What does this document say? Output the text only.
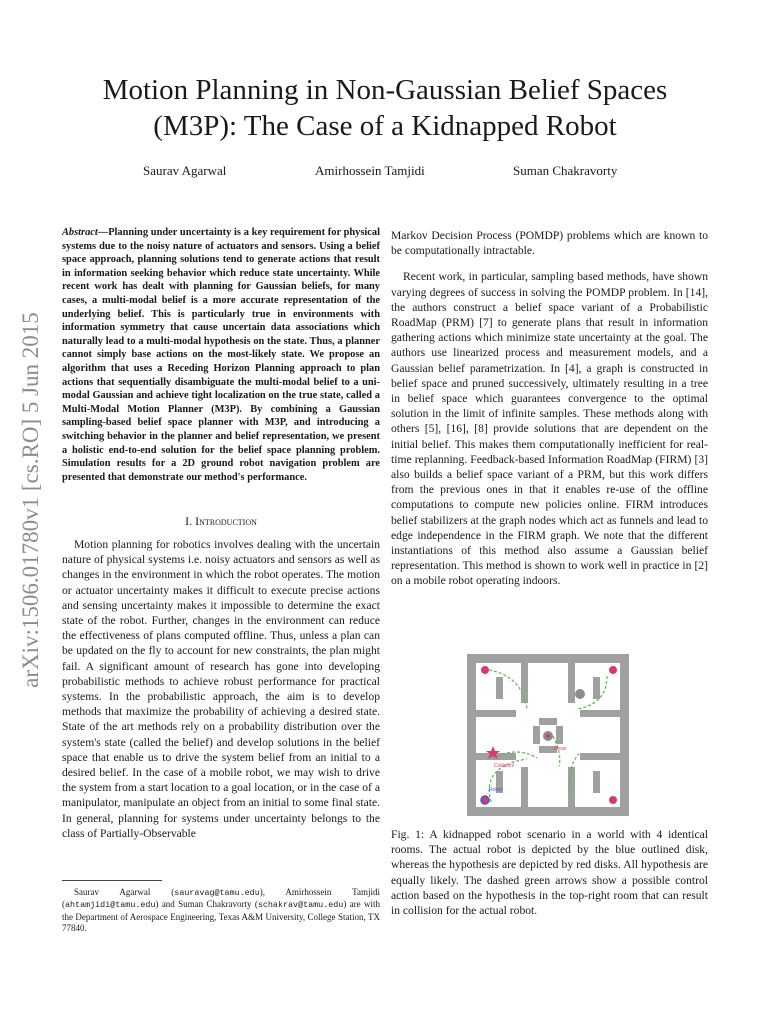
Motion Planning in Non-Gaussian Belief Spaces (M3P): The Case of a Kidnapped Robot
Saurav Agarwal	Amirhossein Tamjidi	Suman Chakravorty
arXiv:1506.01780v1 [cs.RO] 5 Jun 2015
Abstract—Planning under uncertainty is a key requirement for physical systems due to the noisy nature of actuators and sensors. Using a belief space approach, planning solutions tend to generate actions that result in information seeking behavior which reduce state uncertainty. While recent work has dealt with planning for Gaussian beliefs, for many cases, a multi-modal belief is a more accurate representation of the underlying belief. This is particularly true in environments with information symmetry that cause uncertain data associations which naturally lead to a multi-modal hypothesis on the state. Thus, a planner cannot simply base actions on the most-likely state. We propose an algorithm that uses a Receding Horizon Planning approach to plan actions that sequentially disambiguate the multi-modal belief to a uni-modal Gaussian and achieve tight localization on the true state, called a Multi-Modal Motion Planner (M3P). By combining a Gaussian sampling-based belief space planner with M3P, and introducing a switching behavior in the planner and belief representation, we present a holistic end-to-end solution for the belief space planning problem. Simulation results for a 2D ground robot navigation problem are presented that demonstrate our method's performance.
I. Introduction

Motion planning for robotics involves dealing with the uncertain nature of physical systems i.e. noisy actuators and sensors as well as changes in the environment in which the robot operates. The motion or actuator uncertainty makes it difficult to execute precise actions and sensing uncertainty makes it impossible to determine the exact state of the robot. Further, changes in the environment can reduce the effectiveness of plans computed offline. Thus, unless a plan can be updated on the fly to account for new constraints, the plan might fail. A significant amount of research has gone into developing probabilistic methods to achieve robust performance for practical systems. In the probabilistic approach, the aim is to develop methods that maximize the probability of achieving a desired state. State of the art methods rely on a probability distribution over the system's state (called the belief) and develop solutions in the belief space that enable us to drive the system belief from an initial to a desired belief. In the case of a mobile robot, we may wish to drive the system from a start location to a goal location, or in the case of a manipulator, manipulate an object from an initial to some final state. In general, planning for systems under uncertainty belongs to the class of Partially-Observable

Saurav Agarwal (sauravag@tamu.edu), Amirhossein Tamjidi (ahtamjidi@tamu.edu) and Suman Chakravorty (schakrav@tamu.edu) are with the Department of Aerospace Engineering, Texas A&M University, College Station, TX 77840.

Markov Decision Process (POMDP) problems which are known to be computationally intractable.

Recent work, in particular, sampling based methods, have shown varying degrees of success in solving the POMDP problem. In [14], the authors construct a belief space variant of a Probabilistic RoadMap (PRM) [7] to generate plans that result in information gathering actions which minimize state uncertainty at the goal. The authors use linearized process and measurement models, and a Gaussian belief parametrization. In [4], a graph is constructed in belief space and pruned successively, ultimately resulting in a tree in belief space which guarantees convergence to the optimal solution in the limit of infinite samples. These methods along with others [5], [16], [8] provide solutions that are dependent on the initial belief. This makes them computationally inefficient for real-time replanning. Feedback-based Information RoadMap (FIRM) [3] also builds a belief space variant of a PRM, but this work differs from the previous ones in that it enables re-use of the offline computations to compute new policies online. FIRM introduces belief stabilizers at the graph nodes which act as funnels and lead to edge independence in the FIRM graph. We note that the different instantiations of this method also assume a Gaussian belief representation. This method is shown to work well in practice in [2] on a mobile robot operating indoors.

Collision!
Robot
Mean
Fig. 1: A kidnapped robot scenario in a world with 4 identical rooms. The actual robot is depicted by the blue outlined disk, whereas the hypothesis are depicted by red disks. All hypothesis are equally likely. The dashed green arrows show a possible control action based on the hypothesis in the top-right room that can result in collision for the actual robot.
